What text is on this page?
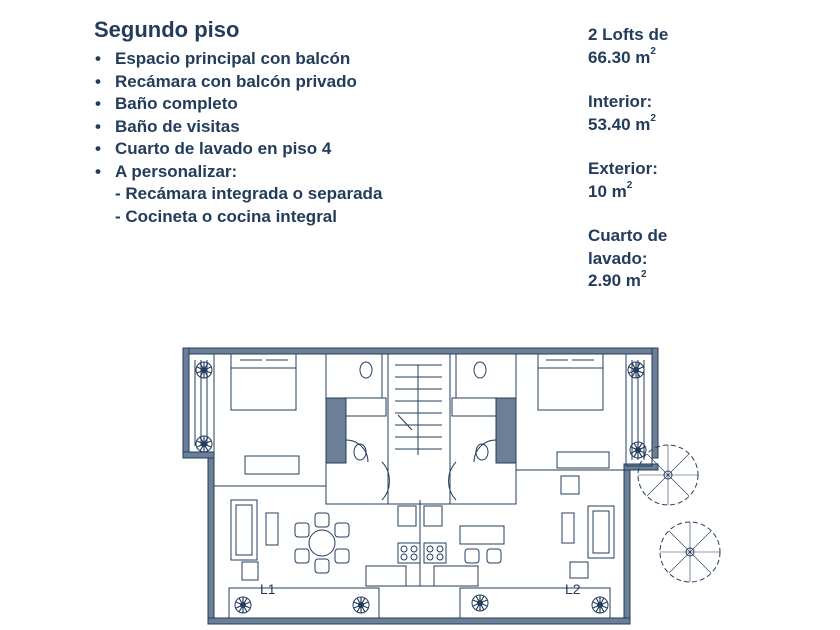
Segundo piso
• Espacio principal con balcón
• Recámara con balcón privado
• Baño completo
• Baño de visitas
• Cuarto de lavado en piso 4
• A personalizar:
- Recámara integrada o separada
- Cocineta o cocina integral
2 Lofts de
66.30 $m^2$
Interior:
53.40 $m^2$
Exterior:
10 $m^2$
Cuarto de
lavado:
2.90 $m^2$
L1	L2
